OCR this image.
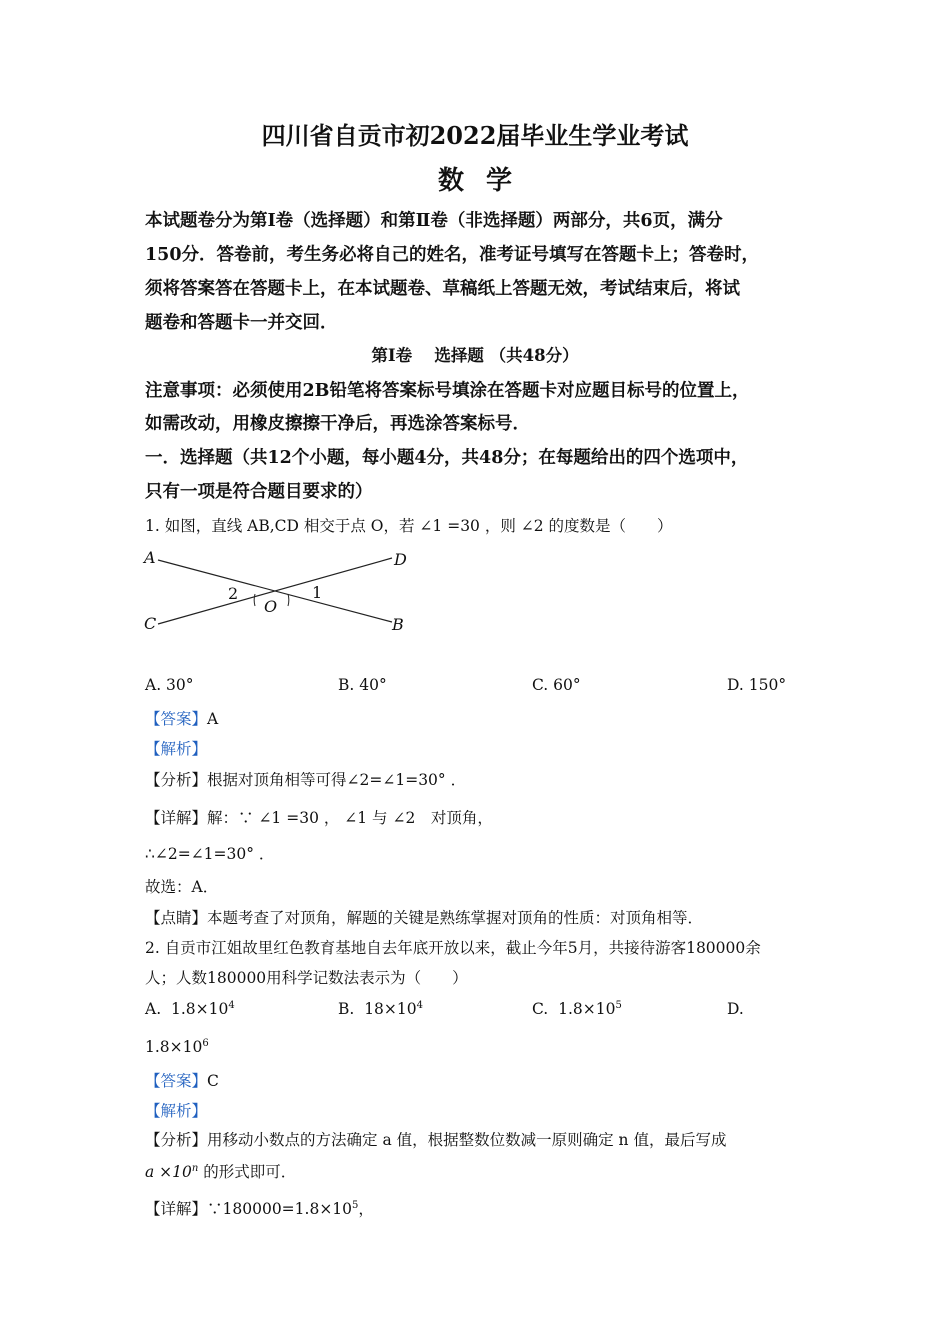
四川省自贡市初2022届毕业生学业考试
数学
本试题卷分为第Ⅰ卷（选择题）和第Ⅱ卷（非选择题）两部分，共6页，满分
150分．答卷前，考生务必将自己的姓名，准考证号填写在答题卡上；答卷时，
须将答案答在答题卡上，在本试题卷、草稿纸上答题无效，考试结束后，将试
题卷和答题卡一并交回．
第Ⅰ卷　 选择题 （共48分）
注意事项：必须使用2B铅笔将答案标号填涂在答题卡对应题目标号的位置上，
如需改动，用橡皮擦擦干净后，再选涂答案标号．
一．选择题（共12个小题，每小题4分，共48分；在每题给出的四个选项中，
只有一项是符合题目要求的）
1. 如图，直线 AB,CD 相交于点 O，若 ∠1 =30 ，则 ∠2 的度数是（　　）
A	D
C	B
O
2	1
A. 30°	B. 40°	C. 60°	D. 150°
【答案】A
【解析】
【分析】根据对顶角相等可得∠2=∠1=30° ．
【详解】解：∵ ∠1 =30 ， ∠1 与 ∠2　对顶角，
∴∠2=∠1=30° ．
故选：A．
【点睛】本题考查了对顶角，解题的关键是熟练掌握对顶角的性质：对顶角相等．
2. 自贡市江姐故里红色教育基地自去年底开放以来，截止今年5月，共接待游客180000余
人；人数180000用科学记数法表示为（　　）
A. $1.8\times 10^4$	B. $18\times 10^4$	C. $1.8\times 10^5$	D.
$1.8\times 10^6$
【答案】C
【解析】
【分析】用移动小数点的方法确定 a 值，根据整数位数减一原则确定 n 值，最后写成
$a \times 10^n$ 的形式即可．
【详解】$\because 180000=1.8\times 10^5$，
